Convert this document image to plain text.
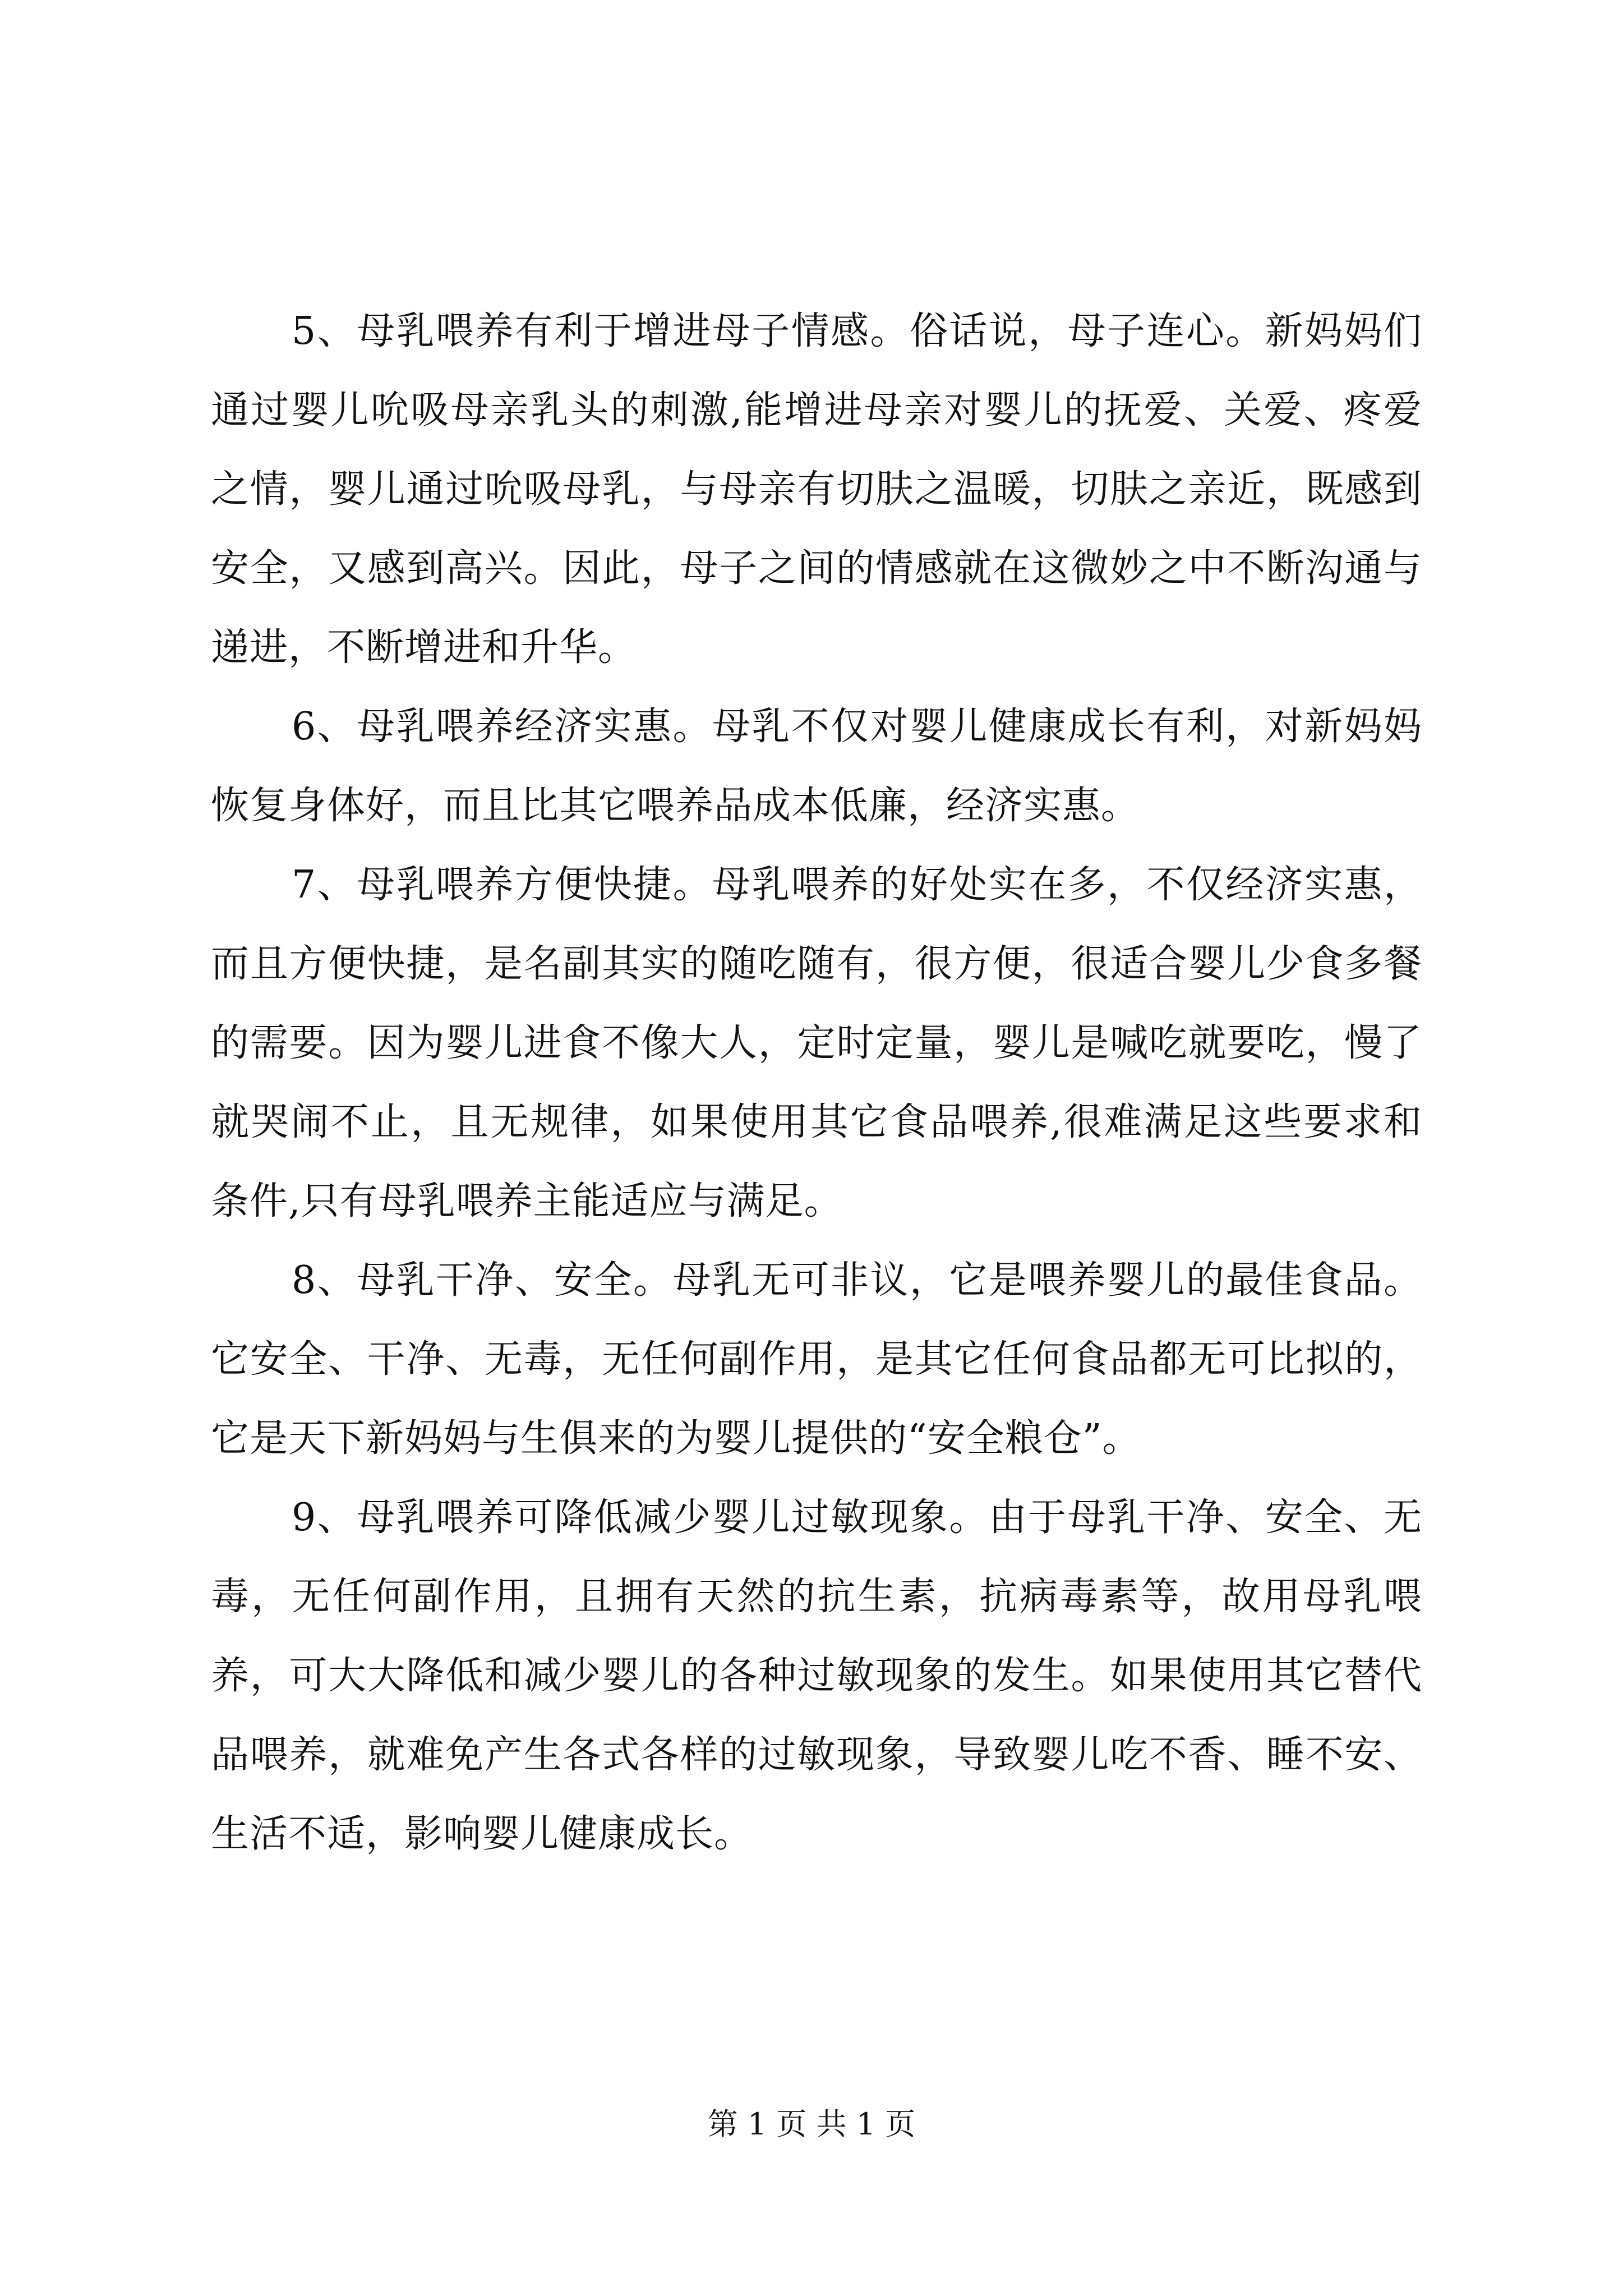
5、母乳喂养有利于增进母子情感。俗话说，母子连心。新妈妈们通过婴儿吮吸母亲乳头的刺激,能增进母亲对婴儿的抚爱、关爱、疼爱之情，婴儿通过吮吸母乳，与母亲有切肤之温暖，切肤之亲近，既感到安全，又感到高兴。因此，母子之间的情感就在这微妙之中不断沟通与递进，不断增进和升华。

6、母乳喂养经济实惠。母乳不仅对婴儿健康成长有利，对新妈妈恢复身体好，而且比其它喂养品成本低廉，经济实惠。

7、母乳喂养方便快捷。母乳喂养的好处实在多，不仅经济实惠，而且方便快捷，是名副其实的随吃随有，很方便，很适合婴儿少食多餐的需要。因为婴儿进食不像大人，定时定量，婴儿是喊吃就要吃，慢了就哭闹不止，且无规律，如果使用其它食品喂养,很难满足这些要求和条件,只有母乳喂养主能适应与满足。

8、母乳干净、安全。母乳无可非议，它是喂养婴儿的最佳食品。它安全、干净、无毒，无任何副作用，是其它任何食品都无可比拟的，它是天下新妈妈与生俱来的为婴儿提供的“安全粮仓”。

9、母乳喂养可降低减少婴儿过敏现象。由于母乳干净、安全、无毒，无任何副作用，且拥有天然的抗生素，抗病毒素等，故用母乳喂养，可大大降低和减少婴儿的各种过敏现象的发生。如果使用其它替代品喂养，就难免产生各式各样的过敏现象，导致婴儿吃不香、睡不安、生活不适，影响婴儿健康成长。

第 1 页 共 1 页
